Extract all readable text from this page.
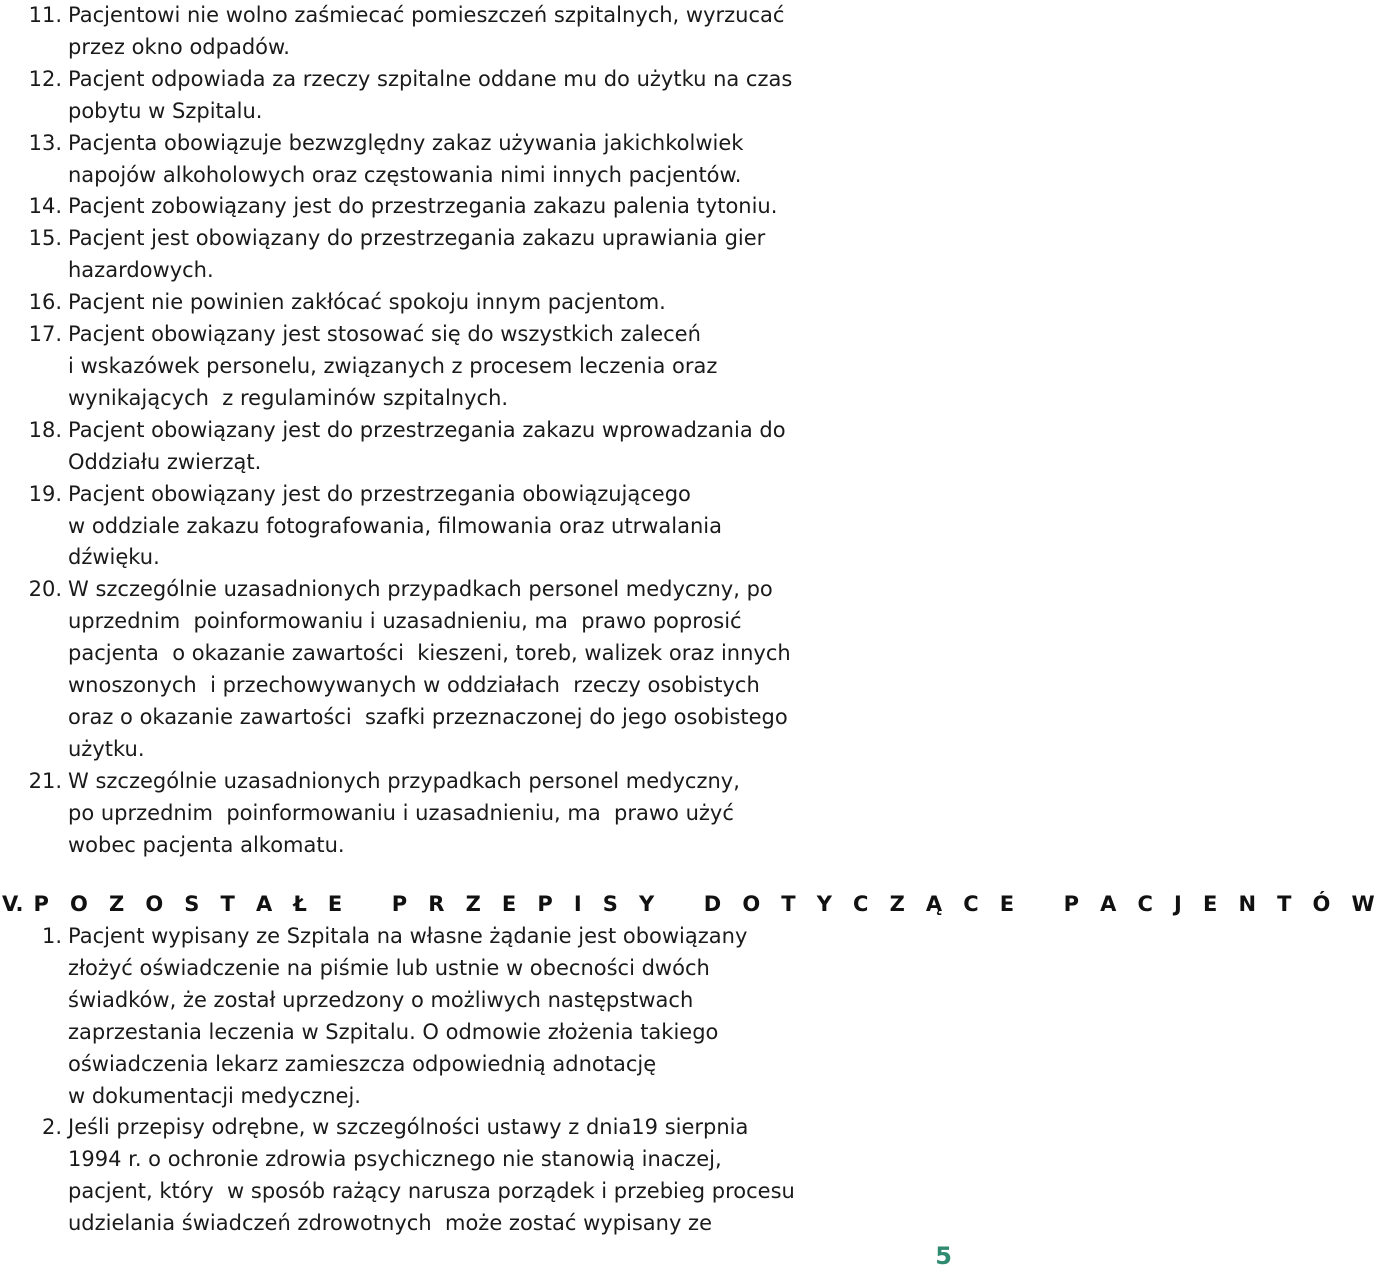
11. Pacjentowi nie wolno zaśmiecać pomieszczeń szpitalnych, wyrzucać
przez okno odpadów.
12. Pacjent odpowiada za rzeczy szpitalne oddane mu do użytku na czas
pobytu w Szpitalu.
13. Pacjenta obowiązuje bezwzględny zakaz używania jakichkolwiek
napojów alkoholowych oraz częstowania nimi innych pacjentów.
14. Pacjent zobowiązany jest do przestrzegania zakazu palenia tytoniu.
15. Pacjent jest obowiązany do przestrzegania zakazu uprawiania gier
hazardowych.
16. Pacjent nie powinien zakłócać spokoju innym pacjentom.
17. Pacjent obowiązany jest stosować się do wszystkich zaleceń
i wskazówek personelu, związanych z procesem leczenia oraz
wynikających  z regulaminów szpitalnych.
18. Pacjent obowiązany jest do przestrzegania zakazu wprowadzania do
Oddziału zwierząt.
19. Pacjent obowiązany jest do przestrzegania obowiązującego
w oddziale zakazu fotografowania, filmowania oraz utrwalania
dźwięku.
20. W szczególnie uzasadnionych przypadkach personel medyczny, po
uprzednim  poinformowaniu i uzasadnieniu, ma  prawo poprosić
pacjenta  o okazanie zawartości  kieszeni, toreb, walizek oraz innych
wnoszonych  i przechowywanych w oddziałach  rzeczy osobistych
oraz o okazanie zawartości  szafki przeznaczonej do jego osobistego
użytku.
21. W szczególnie uzasadnionych przypadkach personel medyczny,
po uprzednim  poinformowaniu i uzasadnieniu, ma  prawo użyć
wobec pacjenta alkomatu.
V. P O Z O S T A Ł E   P R Z E P I S Y   D O T Y C Z Ą C E   P A C J E N T Ó W
1. Pacjent wypisany ze Szpitala na własne żądanie jest obowiązany
złożyć oświadczenie na piśmie lub ustnie w obecności dwóch
świadków, że został uprzedzony o możliwych następstwach
zaprzestania leczenia w Szpitalu. O odmowie złożenia takiego
oświadczenia lekarz zamieszcza odpowiednią adnotację
w dokumentacji medycznej.
2. Jeśli przepisy odrębne, w szczególności ustawy z dnia19 sierpnia
1994 r. o ochronie zdrowia psychicznego nie stanowią inaczej,
pacjent, który  w sposób rażący narusza porządek i przebieg procesu
udzielania świadczeń zdrowotnych  może zostać wypisany ze
5
